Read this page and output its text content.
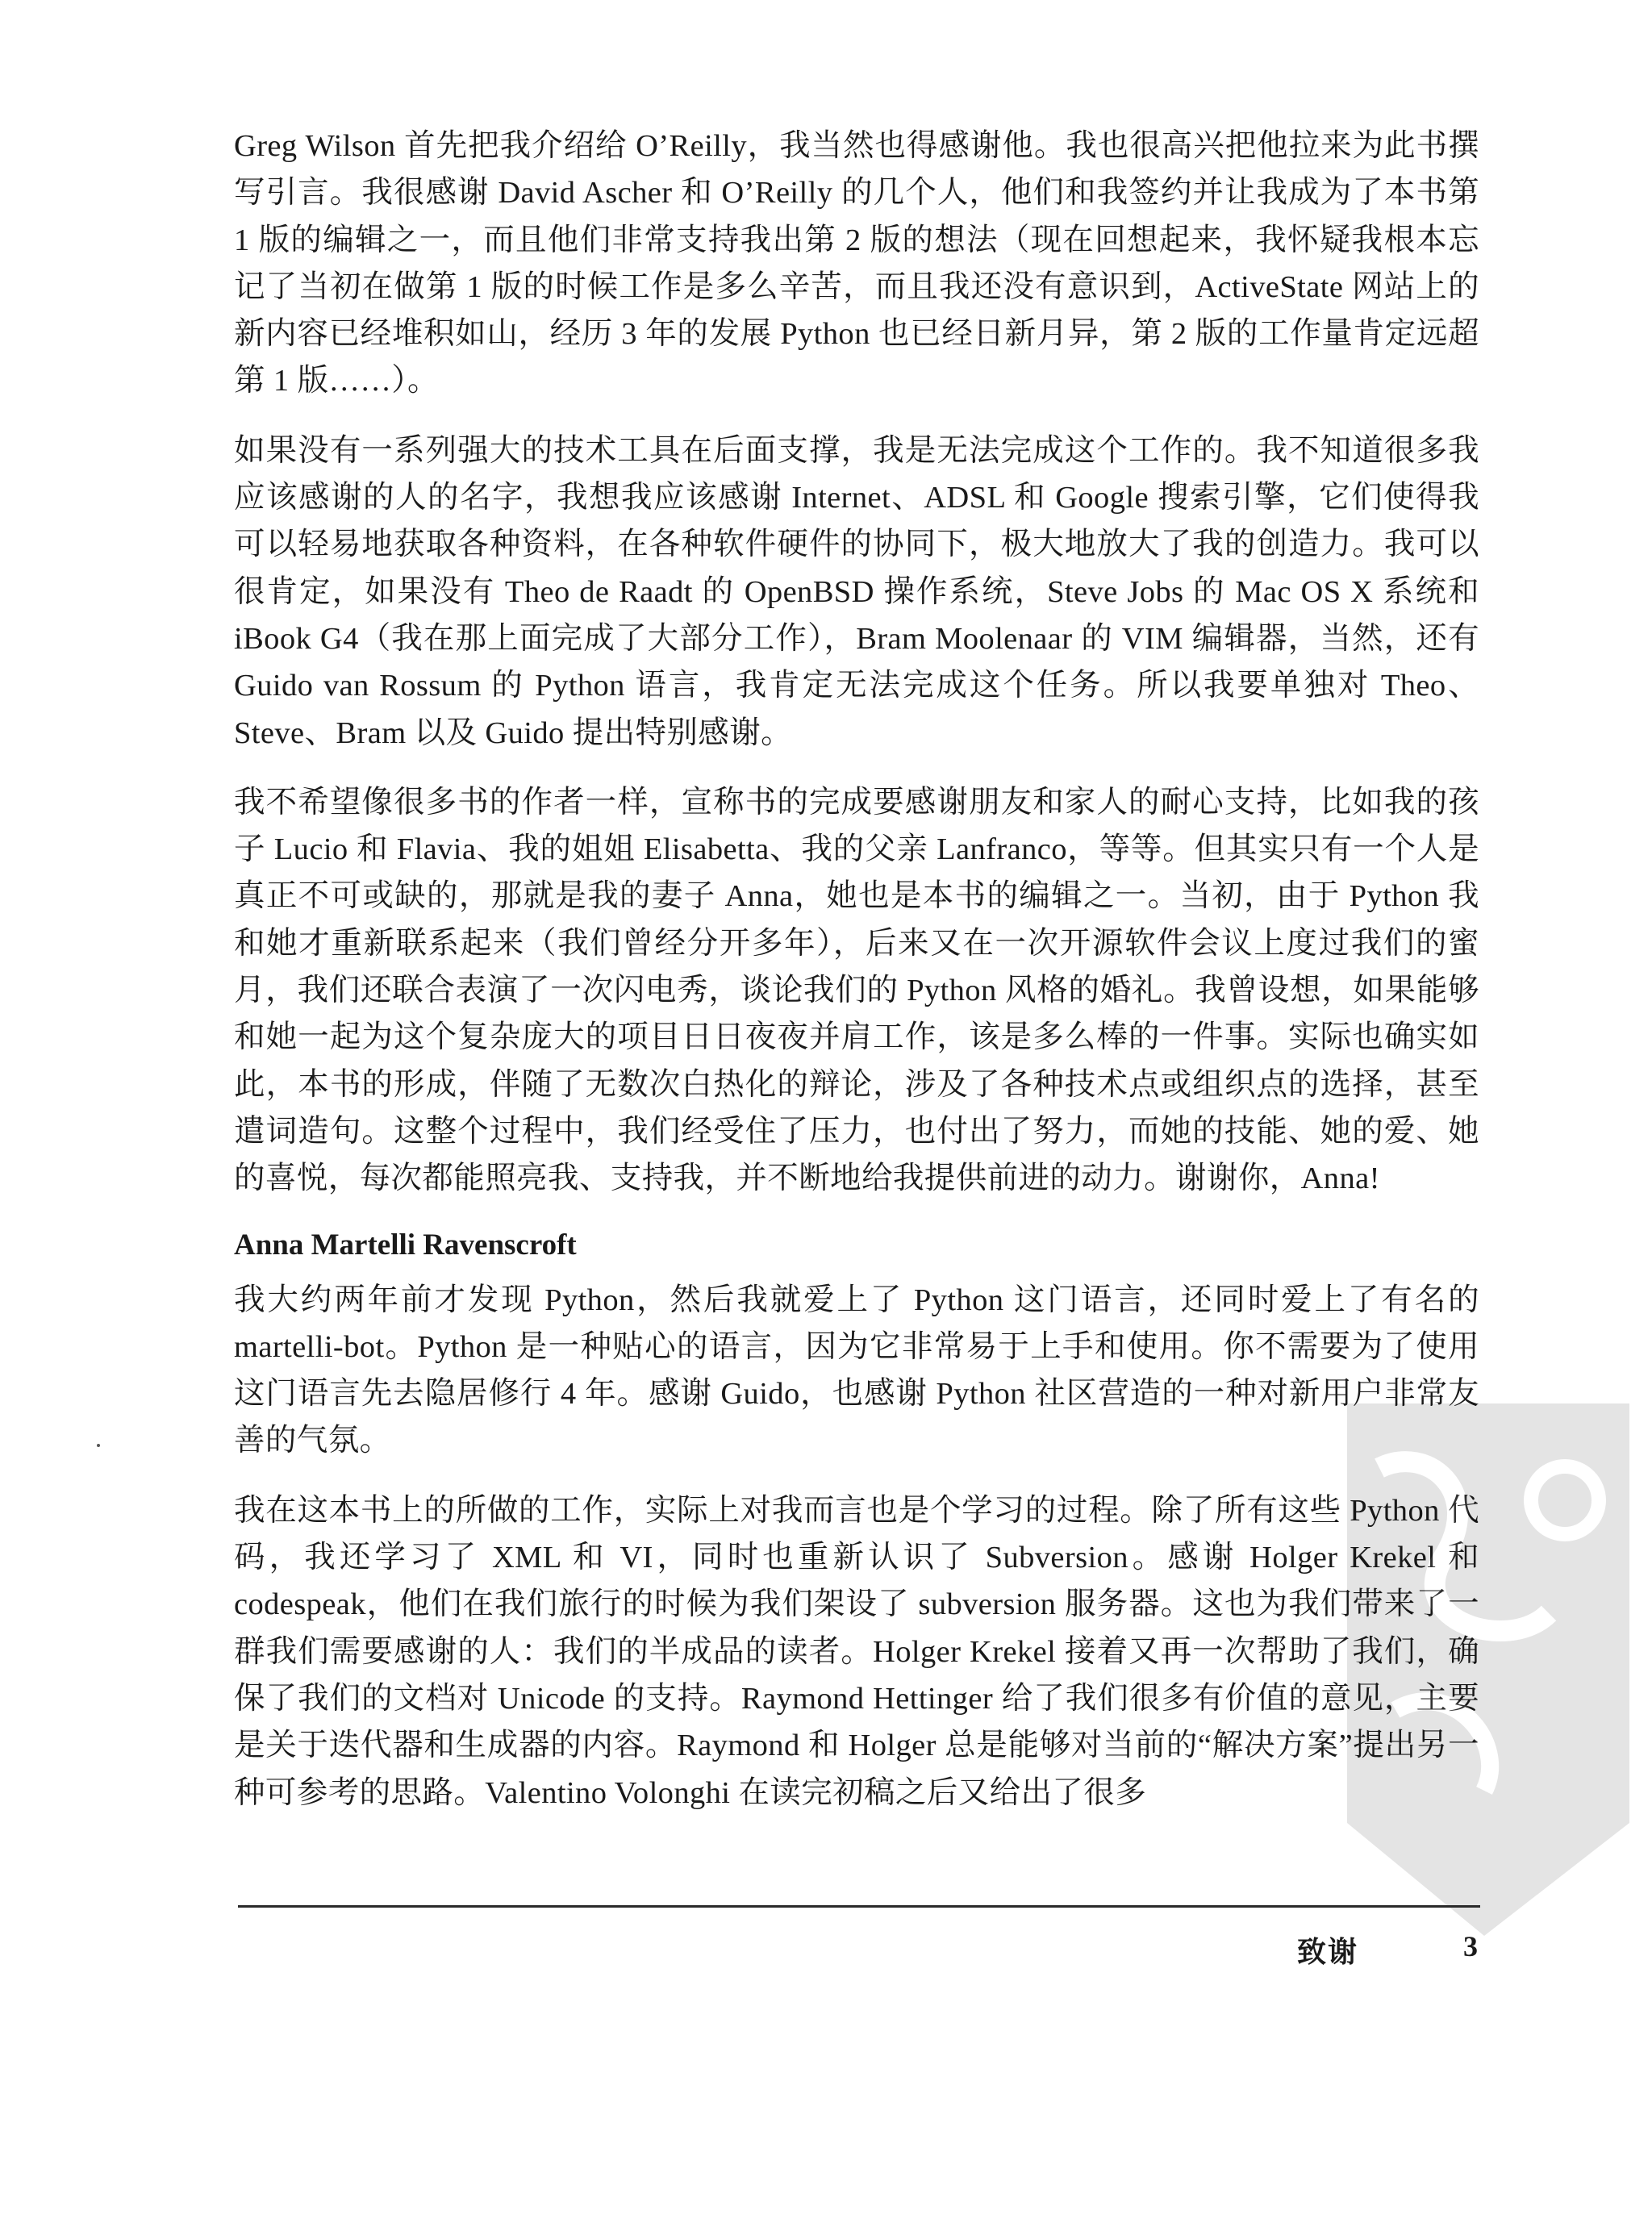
Greg Wilson 首先把我介绍给 O’Reilly，我当然也得感谢他。我也很高兴把他拉来为此书撰写引言。我很感谢 David Ascher 和 O’Reilly 的几个人，他们和我签约并让我成为了本书第 1 版的编辑之一，而且他们非常支持我出第 2 版的想法（现在回想起来，我怀疑我根本忘记了当初在做第 1 版的时候工作是多么辛苦，而且我还没有意识到，ActiveState 网站上的新内容已经堆积如山，经历 3 年的发展 Python 也已经日新月异，第 2 版的工作量肯定远超第 1 版……）。

如果没有一系列强大的技术工具在后面支撑，我是无法完成这个工作的。我不知道很多我应该感谢的人的名字，我想我应该感谢 Internet、ADSL 和 Google 搜索引擎，它们使得我可以轻易地获取各种资料，在各种软件硬件的协同下，极大地放大了我的创造力。我可以很肯定，如果没有 Theo de Raadt 的 OpenBSD 操作系统，Steve Jobs 的 Mac OS X 系统和 iBook G4（我在那上面完成了大部分工作），Bram Moolenaar 的 VIM 编辑器，当然，还有 Guido van Rossum 的 Python 语言，我肯定无法完成这个任务。所以我要单独对 Theo、Steve、Bram 以及 Guido 提出特别感谢。

我不希望像很多书的作者一样，宣称书的完成要感谢朋友和家人的耐心支持，比如我的孩子 Lucio 和 Flavia、我的姐姐 Elisabetta、我的父亲 Lanfranco，等等。但其实只有一个人是真正不可或缺的，那就是我的妻子 Anna，她也是本书的编辑之一。当初，由于 Python 我和她才重新联系起来（我们曾经分开多年），后来又在一次开源软件会议上度过我们的蜜月，我们还联合表演了一次闪电秀，谈论我们的 Python 风格的婚礼。我曾设想，如果能够和她一起为这个复杂庞大的项目日日夜夜并肩工作，该是多么棒的一件事。实际也确实如此，本书的形成，伴随了无数次白热化的辩论，涉及了各种技术点或组织点的选择，甚至遣词造句。这整个过程中，我们经受住了压力，也付出了努力，而她的技能、她的爱、她的喜悦，每次都能照亮我、支持我，并不断地给我提供前进的动力。谢谢你，Anna!

Anna Martelli Ravenscroft

我大约两年前才发现 Python，然后我就爱上了 Python 这门语言，还同时爱上了有名的 martelli-bot。Python 是一种贴心的语言，因为它非常易于上手和使用。你不需要为了使用这门语言先去隐居修行 4 年。感谢 Guido，也感谢 Python 社区营造的一种对新用户非常友善的气氛。

我在这本书上的所做的工作，实际上对我而言也是个学习的过程。除了所有这些 Python 代码，我还学习了 XML 和 VI，同时也重新认识了 Subversion。感谢 Holger Krekel 和 codespeak，他们在我们旅行的时候为我们架设了 subversion 服务器。这也为我们带来了一群我们需要感谢的人：我们的半成品的读者。Holger Krekel 接着又再一次帮助了我们，确保了我们的文档对 Unicode 的支持。Raymond Hettinger 给了我们很多有价值的意见，主要是关于迭代器和生成器的内容。Raymond 和 Holger 总是能够对当前的“解决方案”提出另一种可参考的思路。Valentino Volonghi 在读完初稿之后又给出了很多

致谢	3
